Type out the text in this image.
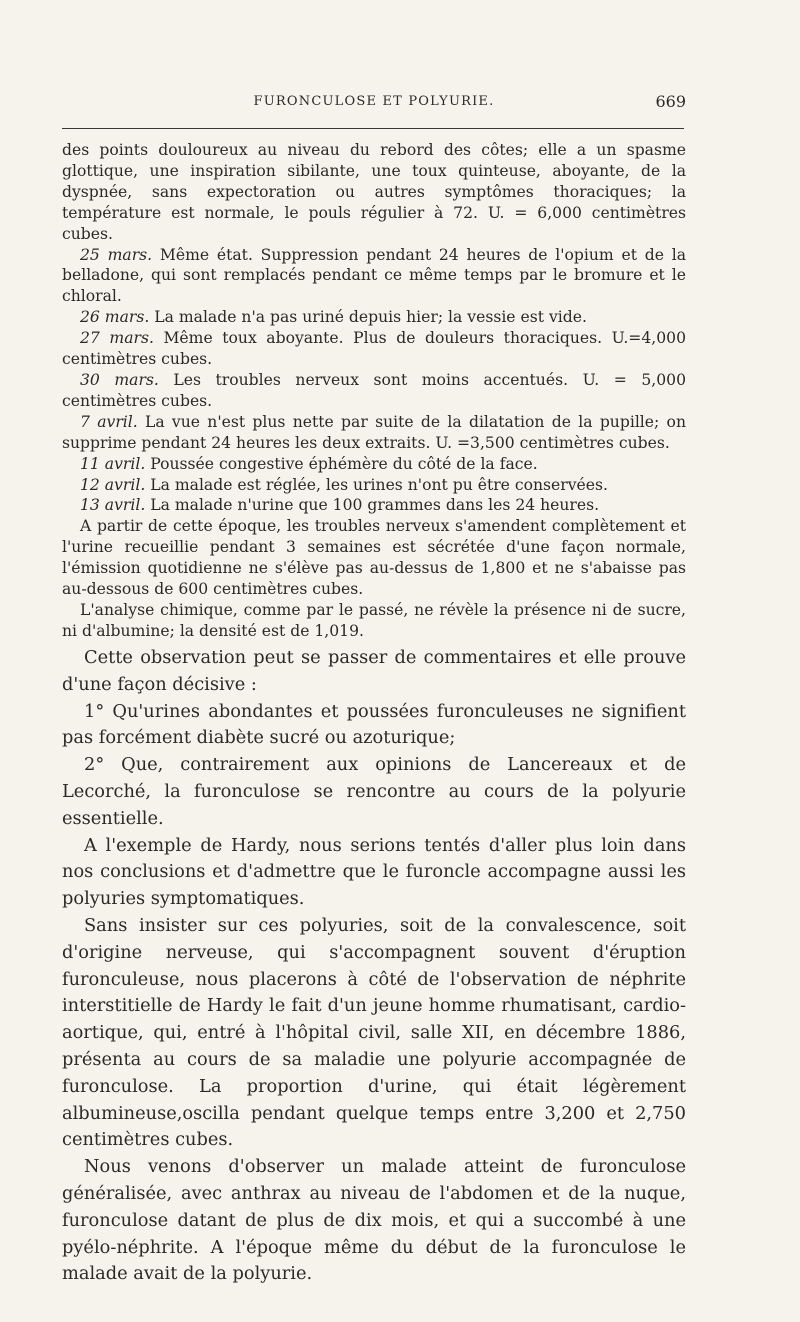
FURONCULOSE ET POLYURIE.	669

des points douloureux au niveau du rebord des côtes; elle a un spasme glottique, une inspiration sibilante, une toux quinteuse, aboyante, de la dyspnée, sans expectoration ou autres symptômes thoraciques; la température est normale, le pouls régulier à 72. U. = 6,000 centimètres cubes.

25 mars. Même état. Suppression pendant 24 heures de l'opium et de la belladone, qui sont remplacés pendant ce même temps par le bromure et le chloral.

26 mars. La malade n'a pas uriné depuis hier; la vessie est vide.

27 mars. Même toux aboyante. Plus de douleurs thoraciques. U.=4,000 centimètres cubes.

30 mars. Les troubles nerveux sont moins accentués. U. = 5,000 centimètres cubes.

7 avril. La vue n'est plus nette par suite de la dilatation de la pupille; on supprime pendant 24 heures les deux extraits. U. =3,500 centimètres cubes.

11 avril. Poussée congestive éphémère du côté de la face.

12 avril. La malade est réglée, les urines n'ont pu être conservées.

13 avril. La malade n'urine que 100 grammes dans les 24 heures.

A partir de cette époque, les troubles nerveux s'amendent complètement et l'urine recueillie pendant 3 semaines est sécrétée d'une façon normale, l'émission quotidienne ne s'élève pas au-dessus de 1,800 et ne s'abaisse pas au-dessous de 600 centimètres cubes.

L'analyse chimique, comme par le passé, ne révèle la présence ni de sucre, ni d'albumine; la densité est de 1,019.

Cette observation peut se passer de commentaires et elle prouve d'une façon décisive :

1° Qu'urines abondantes et poussées furonculeuses ne signifient pas forcément diabète sucré ou azoturique;

2° Que, contrairement aux opinions de Lancereaux et de Lecorché, la furonculose se rencontre au cours de la polyurie essentielle.

A l'exemple de Hardy, nous serions tentés d'aller plus loin dans nos conclusions et d'admettre que le furoncle accompagne aussi les polyuries symptomatiques.

Sans insister sur ces polyuries, soit de la convalescence, soit d'origine nerveuse, qui s'accompagnent souvent d'éruption furonculeuse, nous placerons à côté de l'observation de néphrite interstitielle de Hardy le fait d'un jeune homme rhumatisant, cardio-aortique, qui, entré à l'hôpital civil, salle XII, en décembre 1886, présenta au cours de sa maladie une polyurie accompagnée de furonculose. La proportion d'urine, qui était légèrement albumineuse,oscilla pendant quelque temps entre 3,200 et 2,750 centimètres cubes.

Nous venons d'observer un malade atteint de furonculose généralisée, avec anthrax au niveau de l'abdomen et de la nuque, furonculose datant de plus de dix mois, et qui a succombé à une pyélo-néphrite. A l'époque même du début de la furonculose le malade avait de la polyurie.
